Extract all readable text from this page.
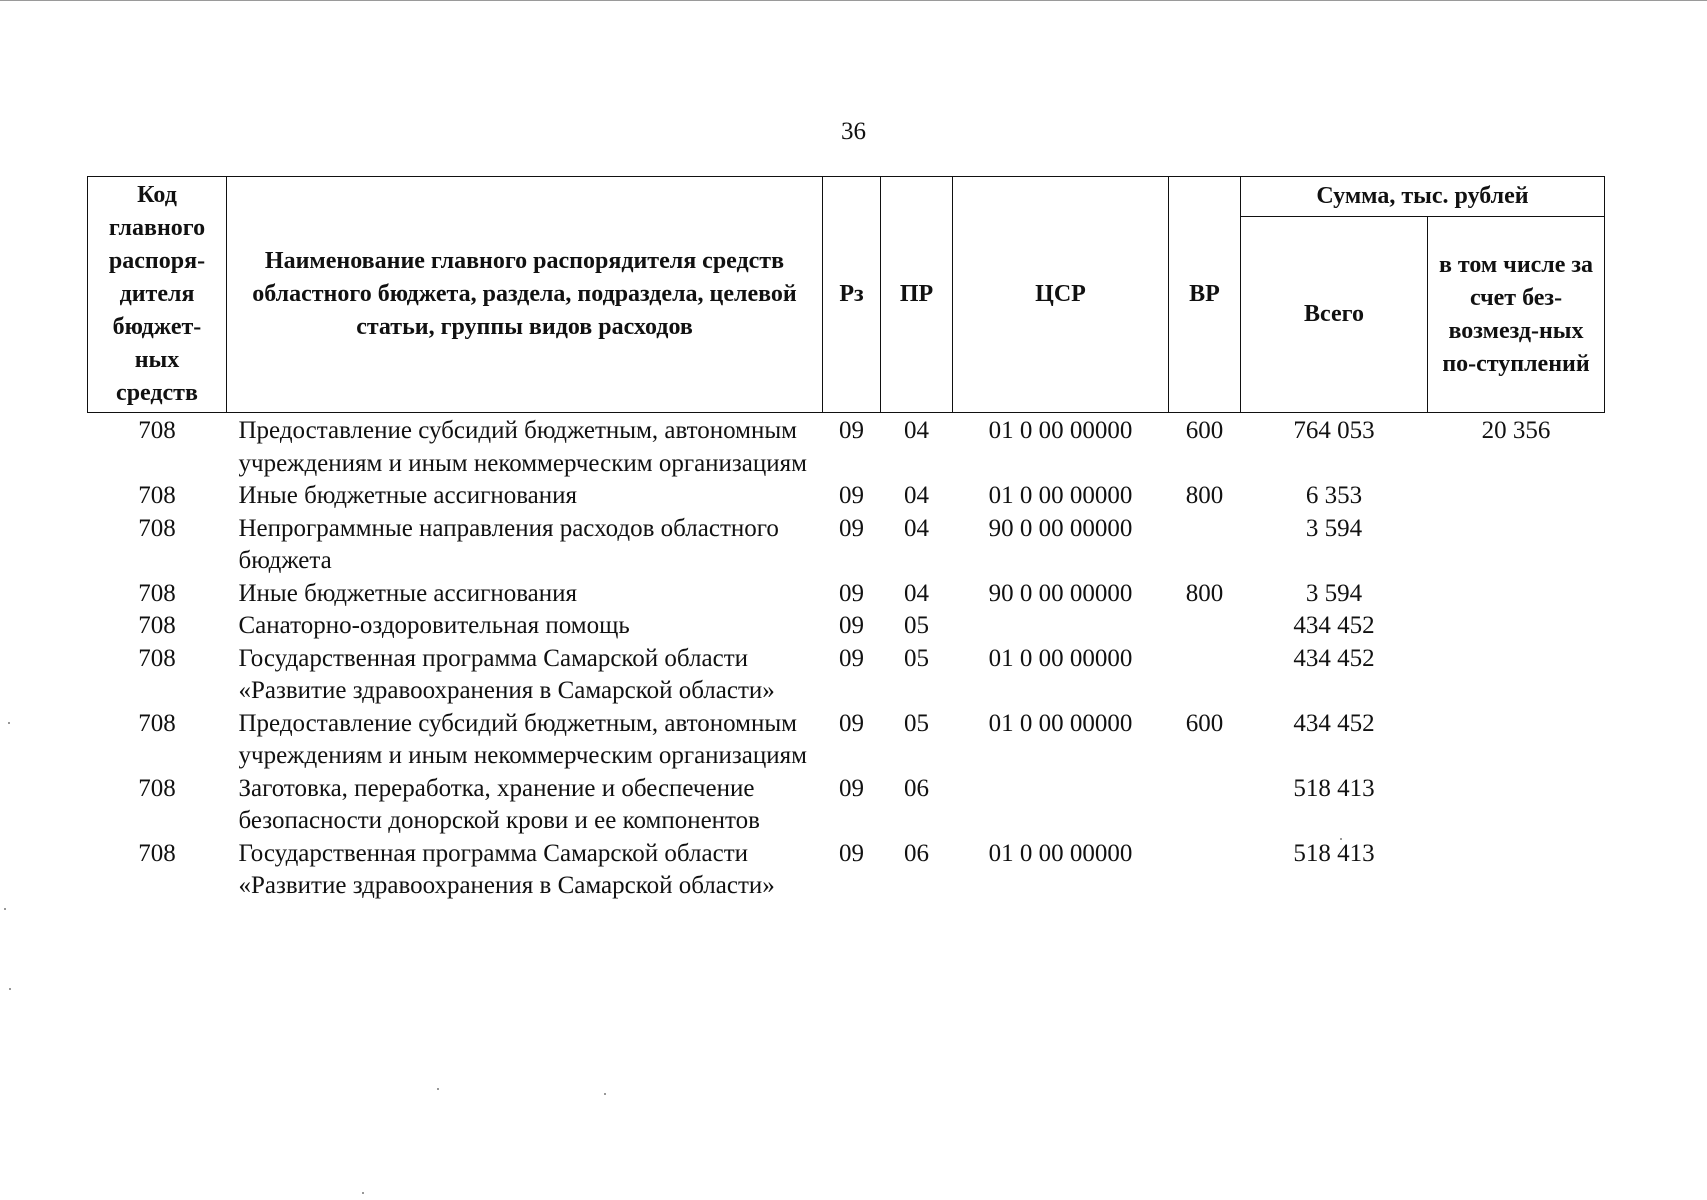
36
Код главного распоря-дителя бюджет-ных средств	Наименование главного распорядителя средств областного бюджета, раздела, подраздела, целевой статьи, группы видов расходов	Рз	ПР	ЦСР	ВР	Сумма, тыс. рублей	
						Всего	в том числе за счет без-возмезд-ных по-ступлений
708	Предоставление субсидий бюджетным, автономным учреждениям и иным некоммерческим организациям	09	04	01 0 00 00000	600	764 053	20 356
708	Иные бюджетные ассигнования	09	04	01 0 00 00000	800	6 353	
708	Непрограммные направления расходов областного бюджета	09	04	90 0 00 00000		3 594	
708	Иные бюджетные ассигнования	09	04	90 0 00 00000	800	3 594	
708	Санаторно-оздоровительная помощь	09	05			434 452	
708	Государственная программа Самарской области «Развитие здравоохранения в Самарской области»	09	05	01 0 00 00000		434 452	
708	Предоставление субсидий бюджетным, автономным учреждениям и иным некоммерческим организациям	09	05	01 0 00 00000	600	434 452	
708	Заготовка, переработка, хранение и обеспечение безопасности донорской крови и ее компонентов	09	06			518 413	
708	Государственная программа Самарской области «Развитие здравоохранения в Самарской области»	09	06	01 0 00 00000		518 413	
